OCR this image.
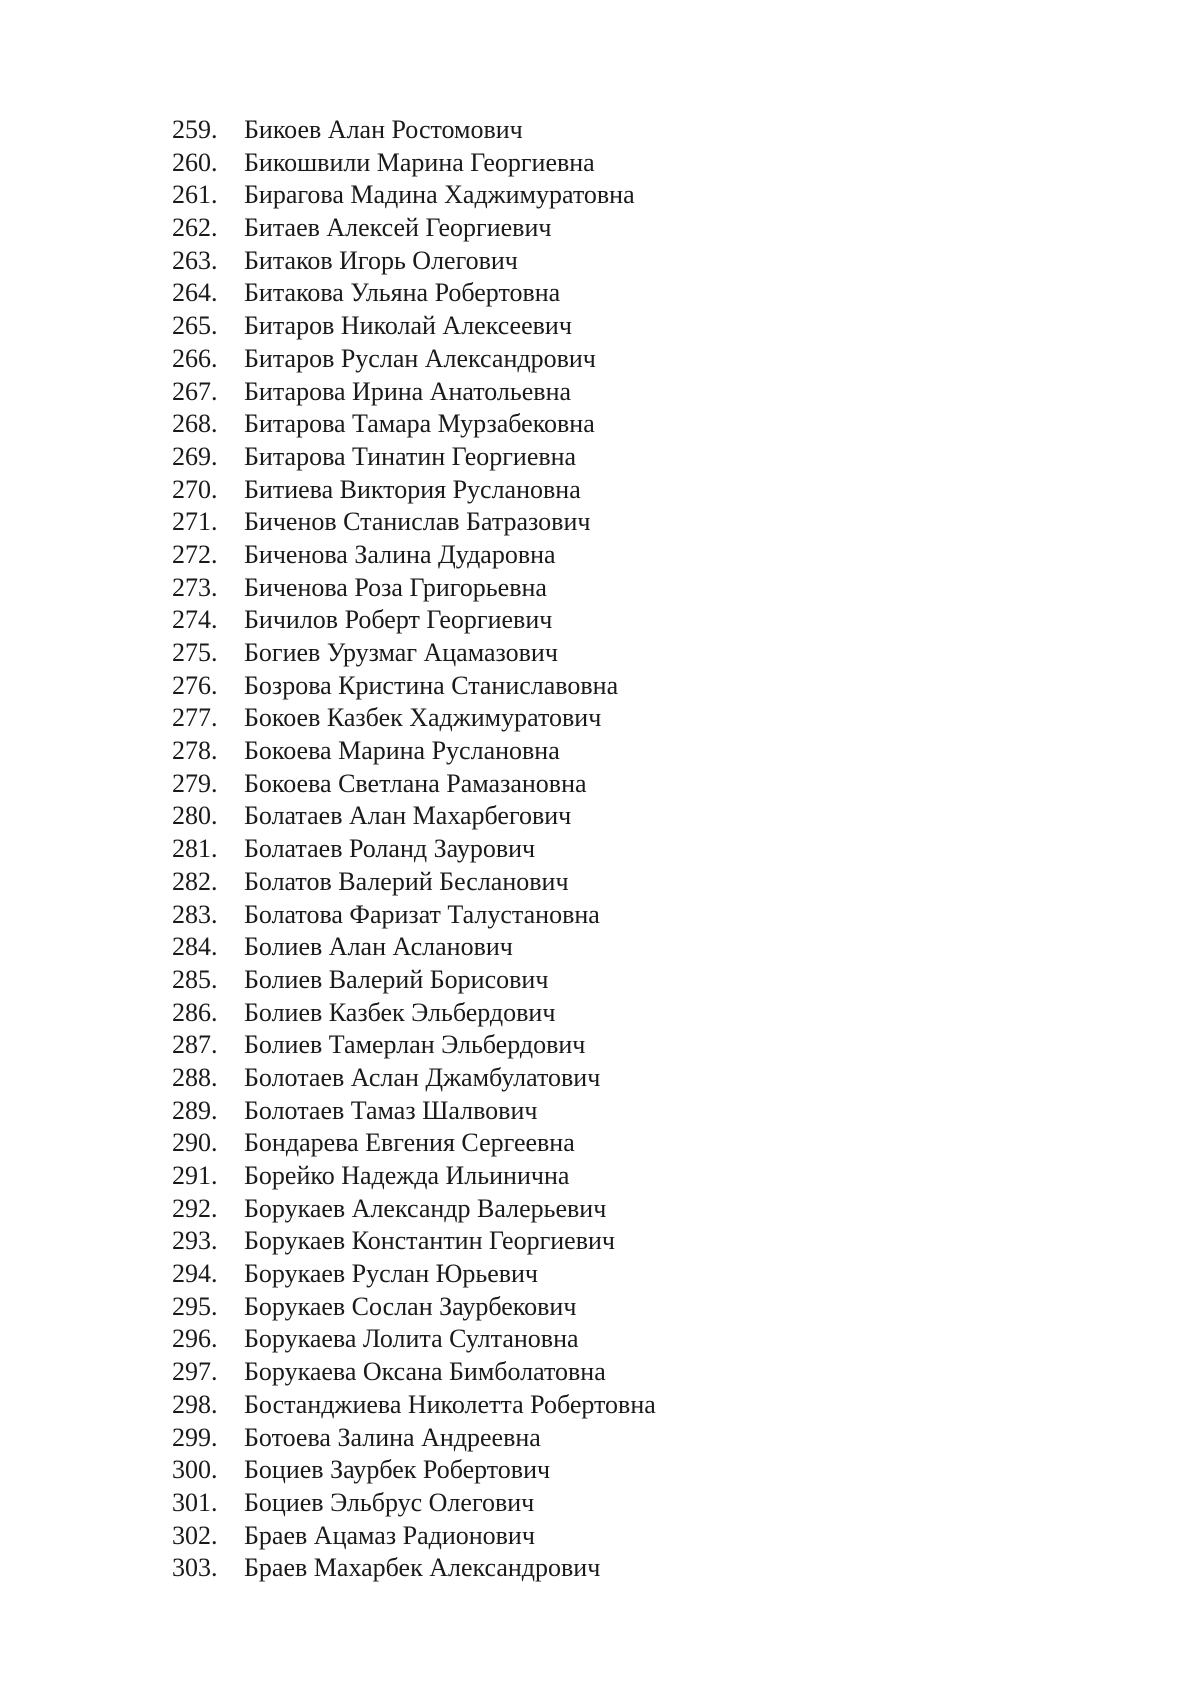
259.	Бикоев Алан Ростомович
260.	Бикошвили Марина Георгиевна
261.	Бирагова Мадина Хаджимуратовна
262.	Битаев Алексей Георгиевич
263.	Битаков Игорь Олегович
264.	Битакова Ульяна Робертовна
265.	Битаров Николай Алексеевич
266.	Битаров Руслан Александрович
267.	Битарова Ирина Анатольевна
268.	Битарова Тамара Мурзабековна
269.	Битарова Тинатин Георгиевна
270.	Битиева Виктория Руслановна
271.	Биченов Станислав Батразович
272.	Биченова Залина Дударовна
273.	Биченова Роза Григорьевна
274.	Бичилов Роберт Георгиевич
275.	Богиев Урузмаг Ацамазович
276.	Бозрова Кристина Станиславовна
277.	Бокоев Казбек Хаджимуратович
278.	Бокоева Марина Руслановна
279.	Бокоева Светлана Рамазановна
280.	Болатаев Алан Махарбегович
281.	Болатаев Роланд Заурович
282.	Болатов Валерий Бесланович
283.	Болатова Фаризат Талустановна
284.	Болиев Алан Асланович
285.	Болиев Валерий Борисович
286.	Болиев Казбек Эльбердович
287.	Болиев Тамерлан Эльбердович
288.	Болотаев Аслан Джамбулатович
289.	Болотаев Тамаз Шалвович
290.	Бондарева Евгения Сергеевна
291.	Борейко Надежда Ильинична
292.	Борукаев Александр Валерьевич
293.	Борукаев Константин Георгиевич
294.	Борукаев Руслан Юрьевич
295.	Борукаев Сослан Заурбекович
296.	Борукаева Лолита Султановна
297.	Борукаева Оксана Бимболатовна
298.	Бостанджиева Николетта Робертовна
299.	Ботоева Залина Андреевна
300.	Боциев Заурбек Робертович
301.	Боциев Эльбрус Олегович
302.	Браев Ацамаз Радионович
303.	Браев Махарбек Александрович
